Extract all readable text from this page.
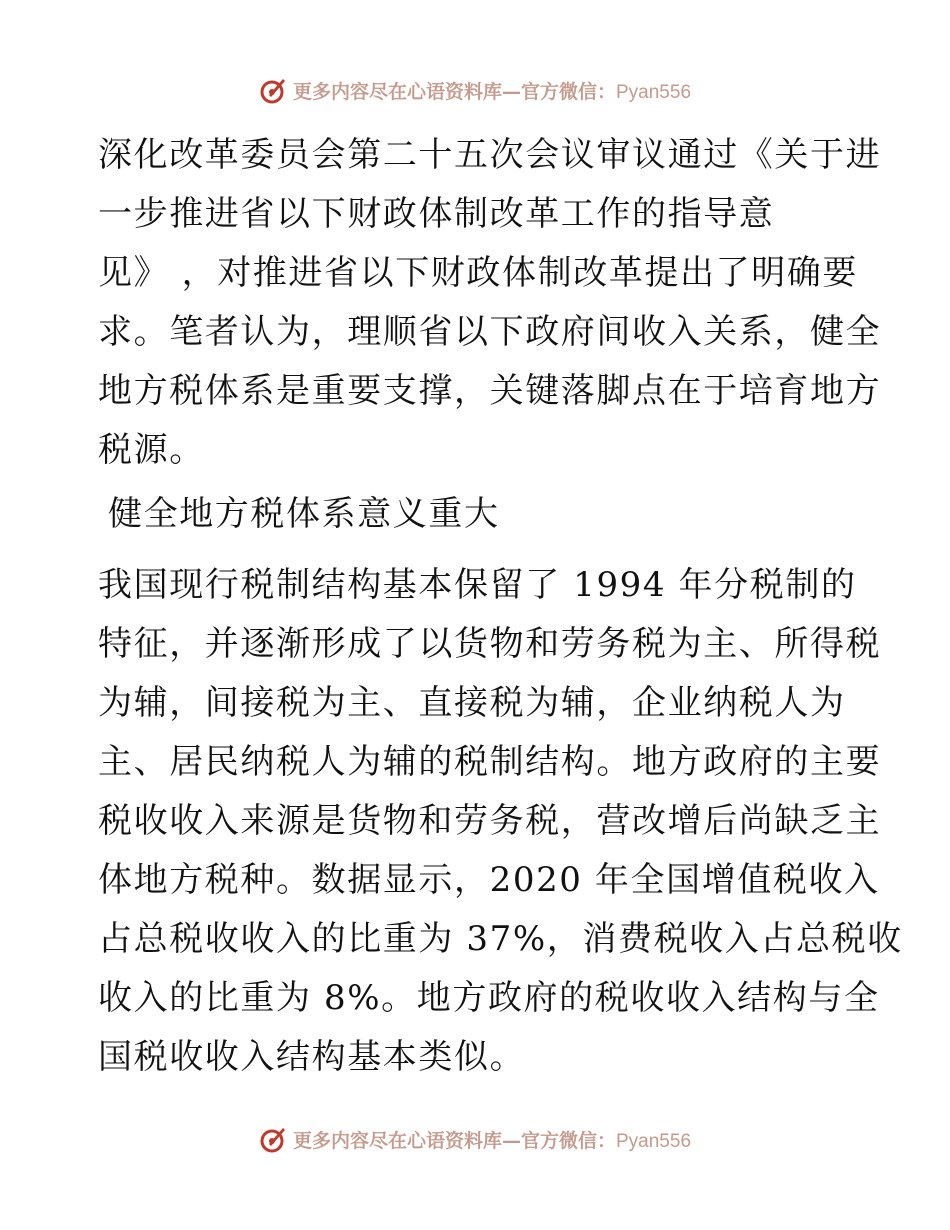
更多内容尽在心语资料库—官方微信：Pyan556

深化改革委员会第二十五次会议审议通过《关于进
一步推进省以下财政体制改革工作的指导意
见》 ，对推进省以下财政体制改革提出了明确要
求。笔者认为，理顺省以下政府间收入关系，健全
地方税体系是重要支撑，关键落脚点在于培育地方
税源。

健全地方税体系意义重大

我国现行税制结构基本保留了 1994 年分税制的
特征，并逐渐形成了以货物和劳务税为主、所得税
为辅，间接税为主、直接税为辅，企业纳税人为
主、居民纳税人为辅的税制结构。地方政府的主要
税收收入来源是货物和劳务税，营改增后尚缺乏主
体地方税种。数据显示，2020 年全国增值税收入
占总税收收入的比重为 37%，消费税收入占总税收
收入的比重为 8%。地方政府的税收收入结构与全
国税收收入结构基本类似。

更多内容尽在心语资料库—官方微信：Pyan556
